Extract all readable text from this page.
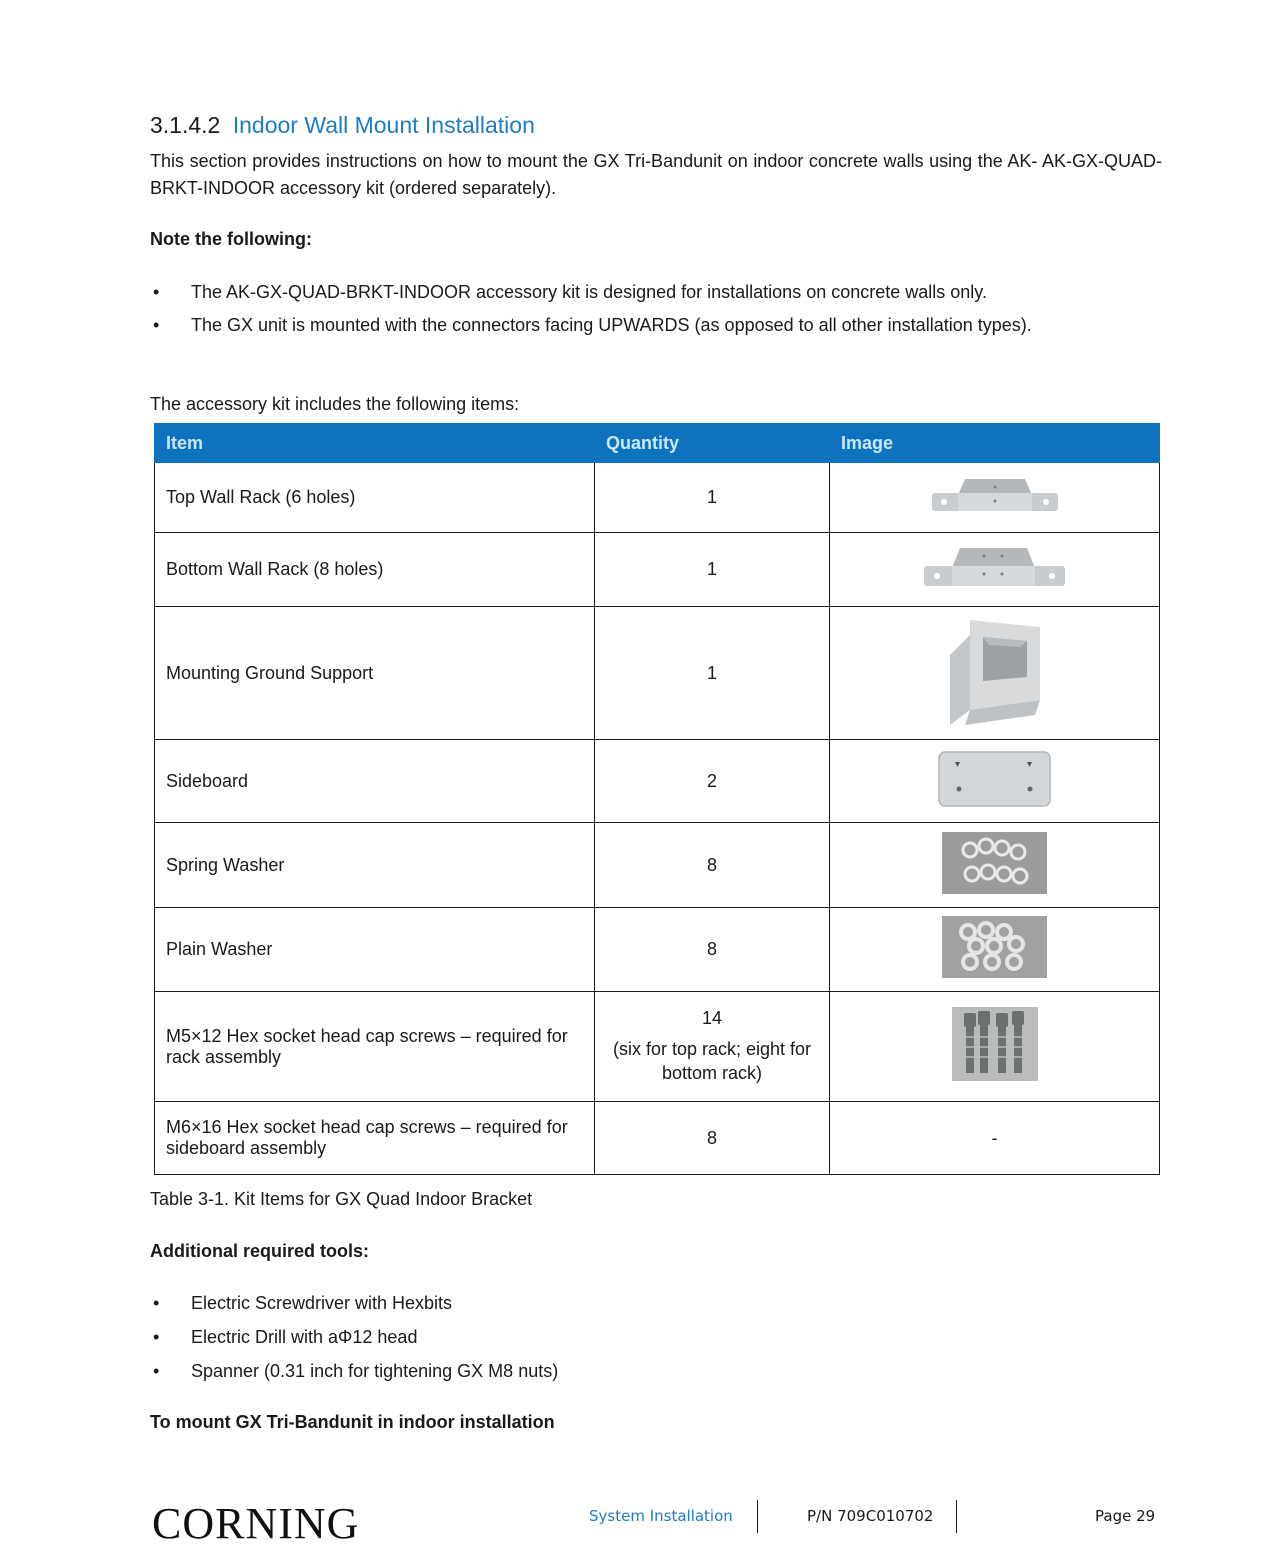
3.1.4.2 Indoor Wall Mount Installation
This section provides instructions on how to mount the GX Tri-Bandunit on indoor concrete walls using the AK- AK-GX-QUAD-BRKT-INDOOR accessory kit (ordered separately).
Note the following:
• The AK-GX-QUAD-BRKT-INDOOR accessory kit is designed for installations on concrete walls only.
• The GX unit is mounted with the connectors facing UPWARDS (as opposed to all other installation types).
The accessory kit includes the following items:
Item	Quantity	Image
Top Wall Rack (6 holes)	1	
Bottom Wall Rack (8 holes)	1	
Mounting Ground Support	1	
Sideboard	2	
Spring Washer	8	
Plain Washer	8	
M5×12 Hex socket head cap screws – required for rack assembly	14
(six for top rack; eight for bottom rack)

M6×16 Hex socket head cap screws – required for sideboard assembly	8	-
Table 3-1. Kit Items for GX Quad Indoor Bracket
Additional required tools:
• Electric Screwdriver with Hexbits
• Electric Drill with aΦ12 head
• Spanner (0.31 inch for tightening GX M8 nuts)
To mount GX Tri-Bandunit in indoor installation
CORNING	System Installation	P/N 709C010702	Page 29
